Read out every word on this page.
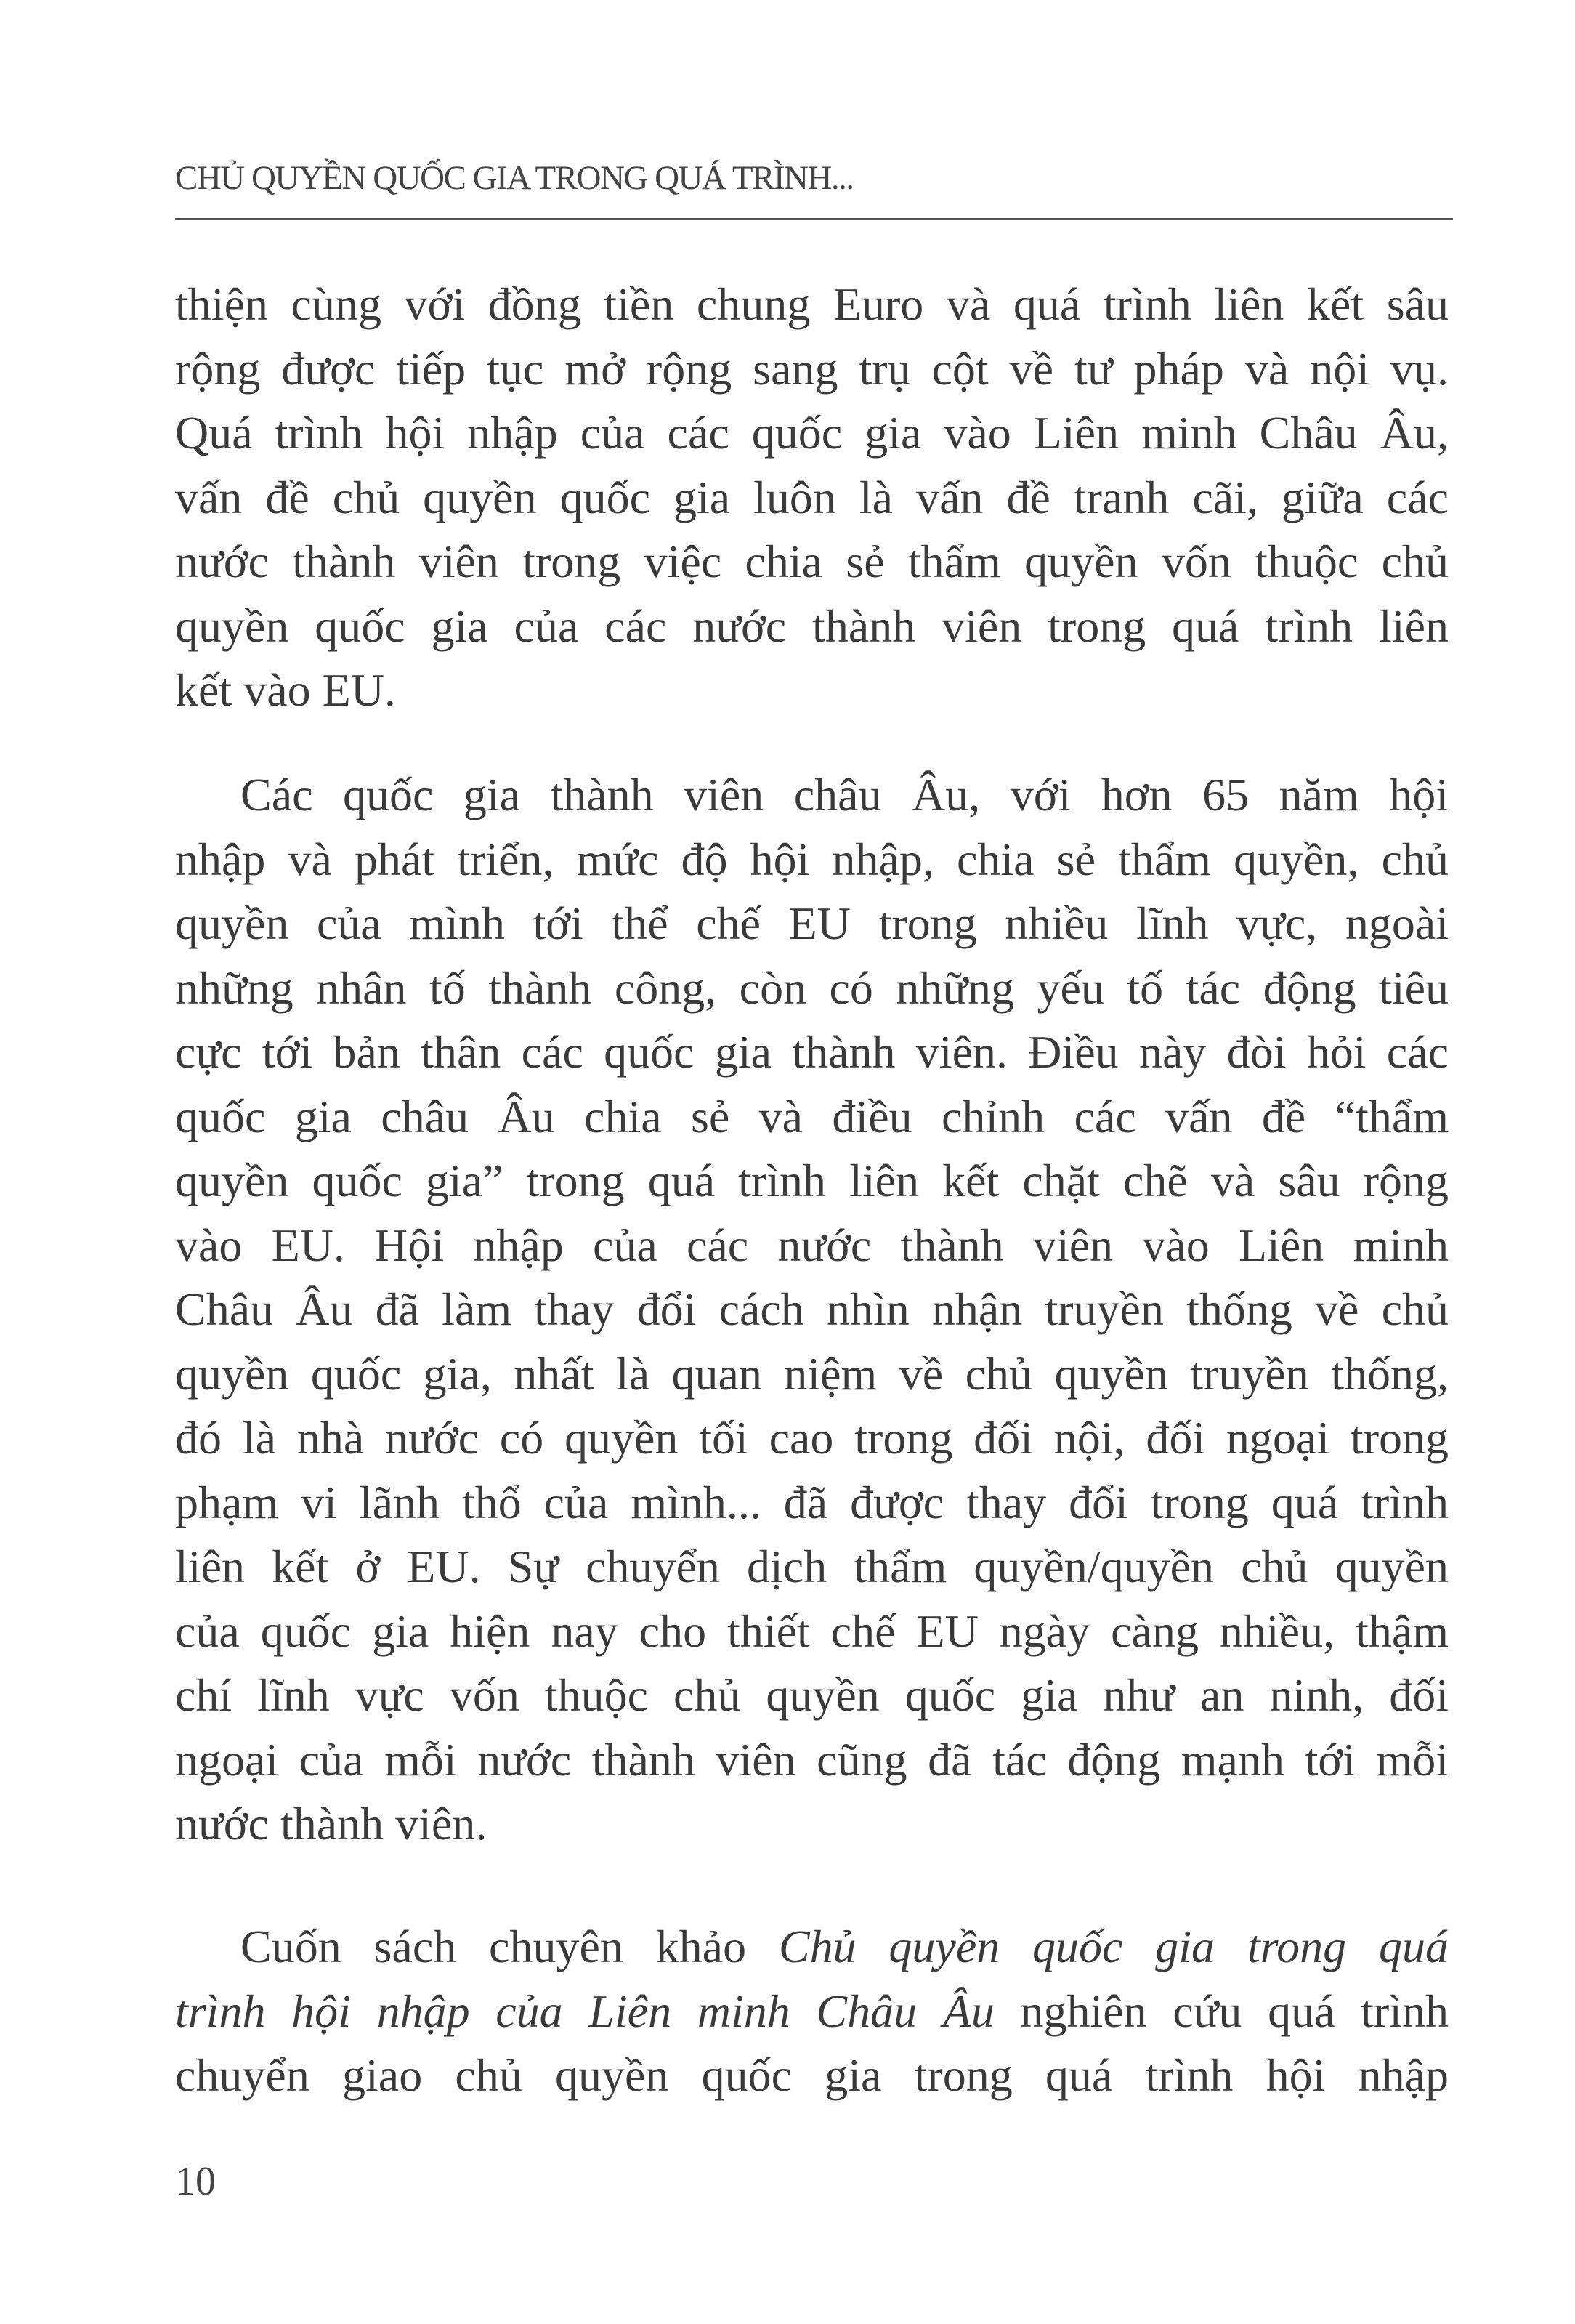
CHỦ QUYỀN QUỐC GIA TRONG QUÁ TRÌNH...
thiện cùng với đồng tiền chung Euro và quá trình liên kết sâu
rộng được tiếp tục mở rộng sang trụ cột về tư pháp và nội vụ.
Quá trình hội nhập của các quốc gia vào Liên minh Châu Âu,
vấn đề chủ quyền quốc gia luôn là vấn đề tranh cãi, giữa các
nước thành viên trong việc chia sẻ thẩm quyền vốn thuộc chủ
quyền quốc gia của các nước thành viên trong quá trình liên
kết vào EU.
Các quốc gia thành viên châu Âu, với hơn 65 năm hội
nhập và phát triển, mức độ hội nhập, chia sẻ thẩm quyền, chủ
quyền của mình tới thể chế EU trong nhiều lĩnh vực, ngoài
những nhân tố thành công, còn có những yếu tố tác động tiêu
cực tới bản thân các quốc gia thành viên. Điều này đòi hỏi các
quốc gia châu Âu chia sẻ và điều chỉnh các vấn đề “thẩm
quyền quốc gia” trong quá trình liên kết chặt chẽ và sâu rộng
vào EU. Hội nhập của các nước thành viên vào Liên minh
Châu Âu đã làm thay đổi cách nhìn nhận truyền thống về chủ
quyền quốc gia, nhất là quan niệm về chủ quyền truyền thống,
đó là nhà nước có quyền tối cao trong đối nội, đối ngoại trong
phạm vi lãnh thổ của mình... đã được thay đổi trong quá trình
liên kết ở EU. Sự chuyển dịch thẩm quyền/quyền chủ quyền
của quốc gia hiện nay cho thiết chế EU ngày càng nhiều, thậm
chí lĩnh vực vốn thuộc chủ quyền quốc gia như an ninh, đối
ngoại của mỗi nước thành viên cũng đã tác động mạnh tới mỗi
nước thành viên.
Cuốn sách chuyên khảo Chủ quyền quốc gia trong quá
trình hội nhập của Liên minh Châu Âu nghiên cứu quá trình
chuyển giao chủ quyền quốc gia trong quá trình hội nhập
10
